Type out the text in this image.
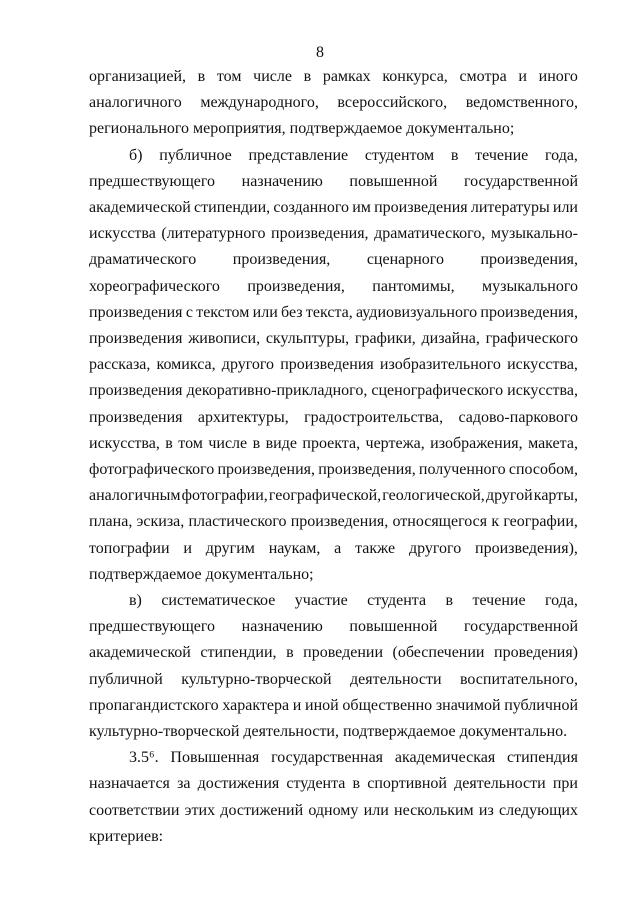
8
организацией, в том числе в рамках конкурса, смотра и иного
аналогичного международного, всероссийского, ведомственного,
регионального мероприятия, подтверждаемое документально;
б) публичное представление студентом в течение года,
предшествующего назначению повышенной государственной
академической стипендии, созданного им произведения литературы или
искусства (литературного произведения, драматического, музыкально-
драматического произведения, сценарного произведения,
хореографического произведения, пантомимы, музыкального
произведения с текстом или без текста, аудиовизуального произведения,
произведения живописи, скульптуры, графики, дизайна, графического
рассказа, комикса, другого произведения изобразительного искусства,
произведения декоративно-прикладного, сценографического искусства,
произведения архитектуры, градостроительства, садово-паркового
искусства, в том числе в виде проекта, чертежа, изображения, макета,
фотографического произведения, произведения, полученного способом,
аналогичным фотографии, географической, геологической, другой карты,
плана, эскиза, пластического произведения, относящегося к географии,
топографии и другим наукам, а также другого произведения),
подтверждаемое документально;
в) систематическое участие студента в течение года,
предшествующего назначению повышенной государственной
академической стипендии, в проведении (обеспечении проведения)
публичной культурно-творческой деятельности воспитательного,
пропагандистского характера и иной общественно значимой публичной
культурно-творческой деятельности, подтверждаемое документально.
3.5⁶. Повышенная государственная академическая стипендия
назначается за достижения студента в спортивной деятельности при
соответствии этих достижений одному или нескольким из следующих
критериев:
